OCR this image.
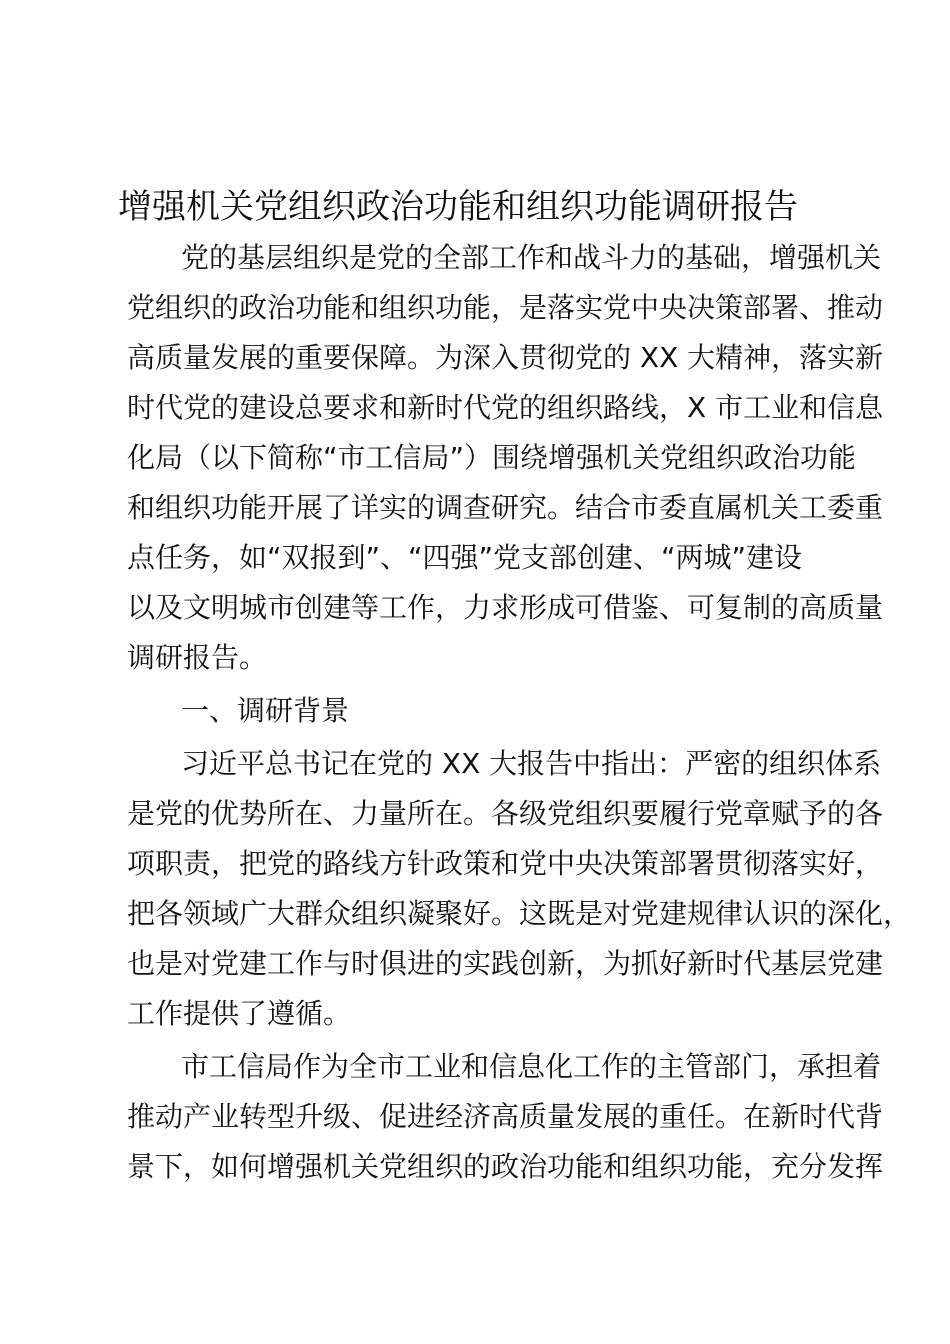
增强机关党组织政治功能和组织功能调研报告
党的基层组织是党的全部工作和战斗力的基础，增强机关
党组织的政治功能和组织功能，是落实党中央决策部署、推动
高质量发展的重要保障。为深入贯彻党的 XX 大精神，落实新
时代党的建设总要求和新时代党的组织路线，X 市工业和信息
化局（以下简称“市工信局”）围绕增强机关党组织政治功能
和组织功能开展了详实的调查研究。结合市委直属机关工委重
点任务，如“双报到”、“四强”党支部创建、“两城”建设
以及文明城市创建等工作，力求形成可借鉴、可复制的高质量
调研报告。
一、调研背景
习近平总书记在党的 XX 大报告中指出：严密的组织体系
是党的优势所在、力量所在。各级党组织要履行党章赋予的各
项职责，把党的路线方针政策和党中央决策部署贯彻落实好，
把各领域广大群众组织凝聚好。这既是对党建规律认识的深化，
也是对党建工作与时俱进的实践创新，为抓好新时代基层党建
工作提供了遵循。
市工信局作为全市工业和信息化工作的主管部门，承担着
推动产业转型升级、促进经济高质量发展的重任。在新时代背
景下，如何增强机关党组织的政治功能和组织功能，充分发挥
